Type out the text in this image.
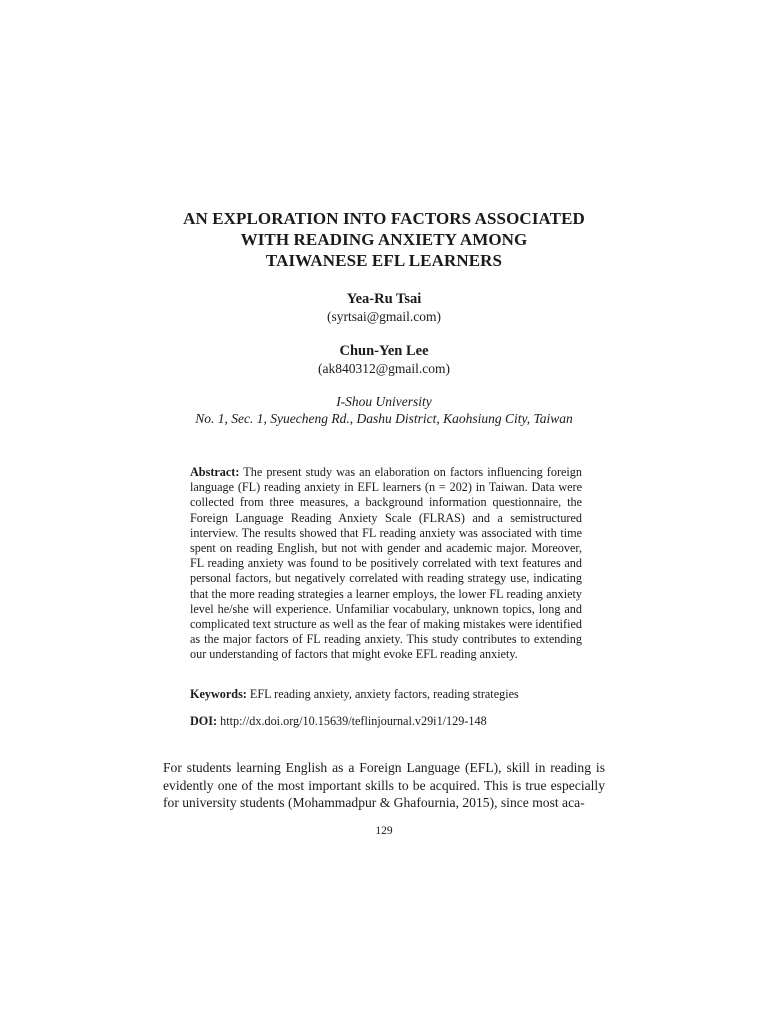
AN EXPLORATION INTO FACTORS ASSOCIATED
WITH READING ANXIETY AMONG
TAIWANESE EFL LEARNERS
Yea-Ru Tsai
(syrtsai@gmail.com)
Chun-Yen Lee
(ak840312@gmail.com)
I-Shou University
No. 1, Sec. 1, Syuecheng Rd., Dashu District, Kaohsiung City, Taiwan

Abstract: The present study was an elaboration on factors influencing foreign language (FL) reading anxiety in EFL learners (n = 202) in Taiwan. Data were collected from three measures, a background information questionnaire, the Foreign Language Reading Anxiety Scale (FLRAS) and a semistructured interview. The results showed that FL reading anxiety was associated with time spent on reading English, but not with gender and academic major. Moreover, FL reading anxiety was found to be positively correlated with text features and personal factors, but negatively correlated with reading strategy use, indicating that the more reading strategies a learner employs, the lower FL reading anxiety level he/she will experience. Unfamiliar vocabulary, unknown topics, long and complicated text structure as well as the fear of making mistakes were identified as the major factors of FL reading anxiety. This study contributes to extending our understanding of factors that might evoke EFL reading anxiety.

Keywords: EFL reading anxiety, anxiety factors, reading strategies
DOI: http://dx.doi.org/10.15639/teflinjournal.v29i1/129-148

For students learning English as a Foreign Language (EFL), skill in reading is evidently one of the most important skills to be acquired. This is true especially for university students (Mohammadpur & Ghafournia, 2015), since most aca-

129
